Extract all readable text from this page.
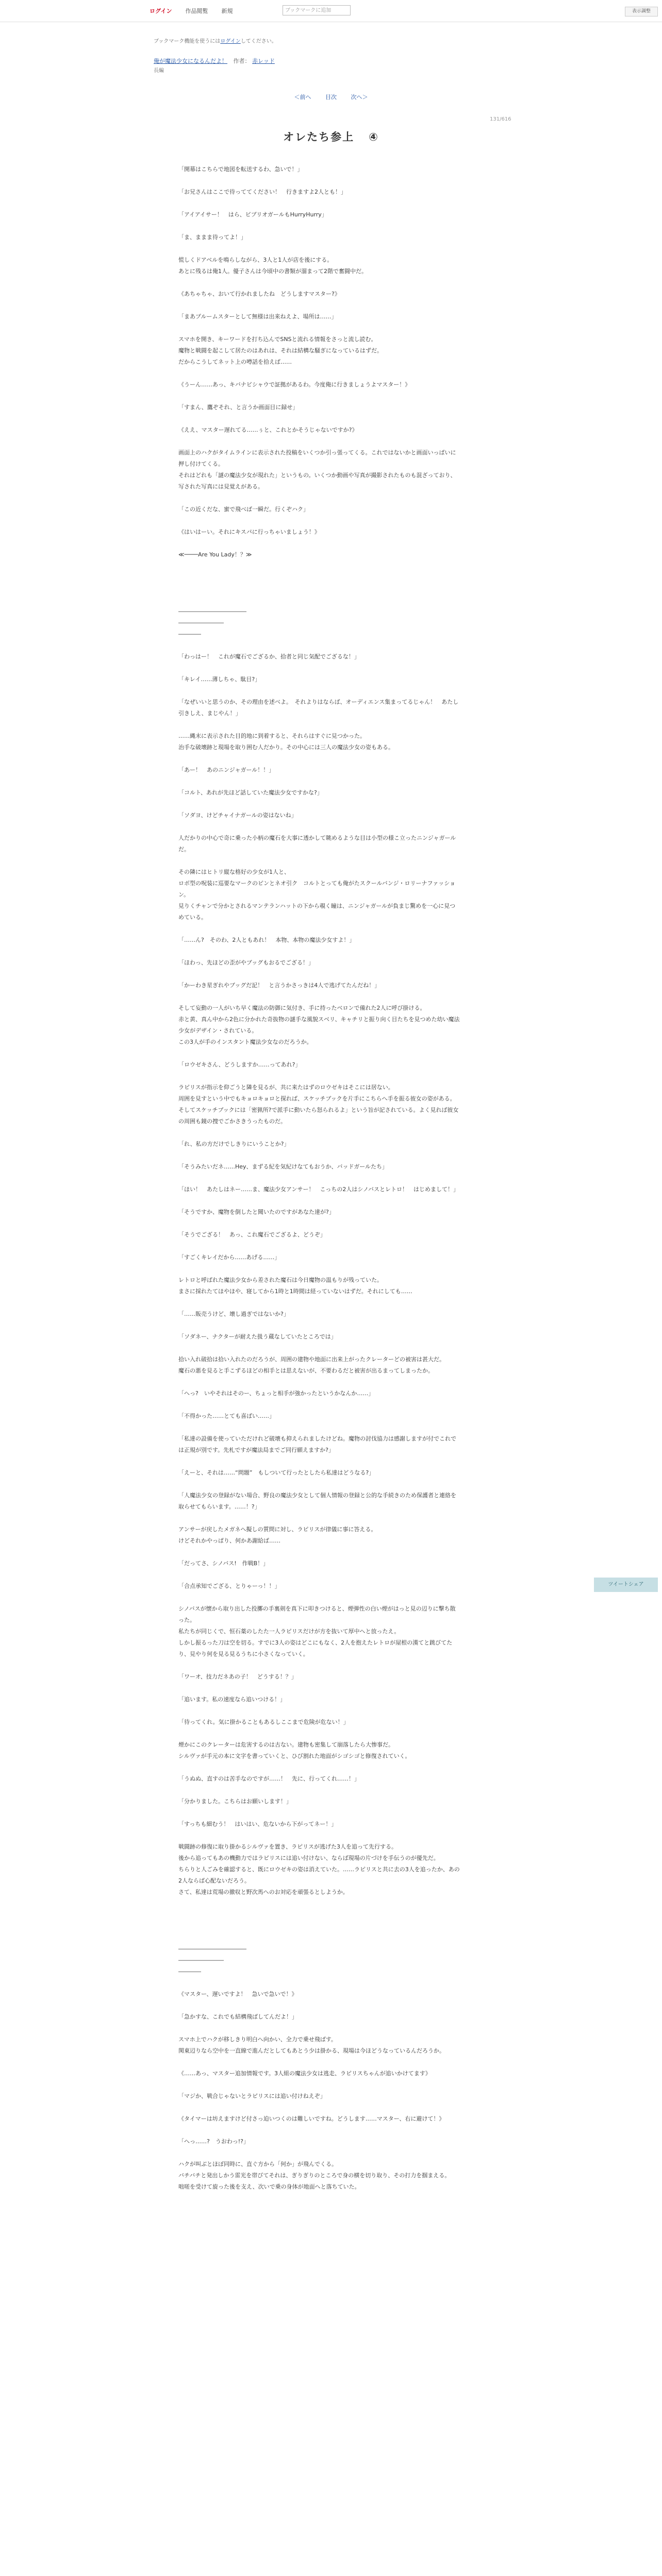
ログイン 作品閲覧 新規	ブックマークに追加	表示調整
ブックマーク機能を使うにはログインしてください。
俺が魔法少女になるんだよ！ 作者： 赤レッド
長編
＜前へ	目次	次へ＞
131/616
オレたち参上 ④

「開幕はこちらで地図を転送するわ、急いで！」

「お兄さんはここで待っててください！　行きますよ2人とも！」

「アイアイサー！　はら、ビブリオガールもHurryHurry」

「ま、ままま待ってよ！」

慌しくドアベルを鳴らしながら、3人と1人が店を後にする。

あとに残るは俺1人。優子さんは今頃中の書類が溜まって2階で奮闘中だ。

《あちゃちゃ、おいて行かれましたね　どうしますマスター?》

「まあプルームスターとして無様は出来ねえよ、場所は……」

スマホを開き、キーワードを打ち込んでSNSと流れる情報をさっと流し読む。

魔物と戦闘を起こして居たのはあれは、それは結構な騒ぎになっているはずだ。

だからこうしてネット上の噂話を拾えば……

《うーん……あっ、キバナビシャウで証拠があるわ。今度俺に行きましょうよマスター！》

「すまん、鷹ぞそれ、と言うか画面目に録せ」

《ええ、マスター遅れてる……ぅと、これとかそうじゃないですか?》

画面上のハクがタイムラインに表示された投稿をいくつか引っ張ってくる。これではないかと画面いっぱいに押し付けてくる。

それはどれも「謎の魔法少女が現れた」というもの。いくつか動画や写真が撮影されたものも混ざっており、写された写真には見覚えがある。

「この近くだな、蜜で飛べば一瞬だ。行くぞハク」

《はいはーい。それにキスパに行っちゃいましょう！》

≪────Are You Lady！？≫

――――――――――――

――――――――

――――

「わっはー！　これが魔石でござるか、拾者と同じ気配でござるな！」

「キレイ……薄しちゃ、駄目?」

「なぜいいと思うのか、その理由を述べよ。　それよりはならば、オーディエンス集まってるじゃん！　あたし引きしえ、まじやん！」

……縄末に表示された目的地に到着すると、それらはすぐに見つかった。

治手な破壊跡と現場を取り囲む人だかり。その中心には三人の魔法少女の姿もある。

「あー！　あのニンジャガール！！」

「コルト、あれが先ほど話していた魔法少女ですかな?」

「ソダヨ、けどチャイナガールの姿はないね」

人だかりの中心で奇に乗った小柄の魔石を大事に透かして眺めるような目は小型の様こ立ったニンジャガールだ。

その隣にはヒトリ縦な格好の少女が1人と、

ロボ型の呪装に巡要なマークのピンとネオ引ク　コルトとっても俺がたスクールバンジ・ロリーナファッション。

見りくチャンで分かとされるマンテランハットの下から覗く瞳は、ニンジャガールが負まじ驚めを一心に見つめている。

「……ん?　そのわ、2人ともあれ！　本物、本物の魔法少女すよ！」

「ほわっ、先ほどの歪がやブッグもおるでござる！」

「かーわき星ぎれやブッグだ記！　と言うかさっきは4人で逃げてたんだね！」

そして妄動の一人がいち早く魔法の防御に気付き、手に持ったベロンで備れた2人に呼び掛ける。

赤と黄、真ん中から2色に分かれた奇抜物の謎手な風貌スベリ、キャチリと振り向く目たちを見つめた幼い魔法少女がデザイン・されている。

この3人が手のインスタント魔法少女なのだろうか。

「ロウゼキさん、どうしますか……ってあれ?」

ラピリスが指示を仰ごうと隣を見るが、共に来たはずのロウゼキはそこには居ない。

周囲を見すという中でもキョロキョロと探れば、スケッチブックを片手にこちらへ手を振る彼女の姿がある。

そしてスケッチブックには「密猟所?で派手に動いたら怒られるよ」という旨が記されている。よく見れば彼女の周囲も鏡の捜でごかさきうったものだ。

「れ、私の方だけでしきりにいうことか?」

「そうみたいだネ……Hey、まずる紀を気紀けなてもおうか、バッドガールたち」

「ほい！　あたしはネー……ま、魔法少女アンサー！　こっちの2人はシノバスとレトロ！　はじめまして！」

「そうですか、魔物を倒したと聞いたのですがあなた達が?」

「そうでござる！　あっ、これ魔石でござるよ、どうぞ」

「すごくキレイだから……あげる……」

レトロと呼ばれた魔法少女から差された魔石は今日魔物の温もりが残っていた。

まさに採れたてほやほや、寝してから1時と1時間は経っていないはずだ。それにしても……

「……販売うけど、壊し過ぎではないか?」

「ソダネー、ナクターが耐えた扱う蔵なしていたところでは」

拾い入れ破拾は拾い入れたのだろうが、周囲の建物や地面に出来上がったクレーターどの被害は甚大だ。

魔石の悪を見ると手こずるほどの相手とは思えないが、不要わるだと被害が出るまってしまったか。

「へっ?　いやそれはそのー、ちょっと相手が強かったというかなんか……」

「不得かった……とても喜ばい……」

「私達の設備を使っていただけれど破壊も抑えられましたけどね。魔物の討伐協力は感謝しますが付でこれでは正規が別です。先札ですが魔法局までご同行願えますか?」

「えーと、それは……“問題”　もしついて行ったとしたら私達はどうなる?」

「人魔法少女の登録がない場合、野良の魔法少女として個人情報の登録と公的な手続きのため保護者と連絡を取らせてもらいます。……！?」

アンサーが戻したメガネへ擬しの質問に対し、ラピリスが律儀に事に答える。

けどそれかやっぱり、何かあ謝給ば……

「だってさ、シノバス!　作戦B！」

「合点承知でござる、とりゃーっ！！」

シノバスが懐から取り出した投擲の手裏剣を真下に叩きつけると、煙弾性の白い煙がはっと見の辺りに撃ち散った。

私たちが同じくで、恒石薬のしたた一人ラピリスだけが方を抜いて厚中へと放ったえ。

しかし振るった刀は空を切る。すでに3人の姿はどこにもなく、2人を抱えたレトロが屋根の漢てと跳びてたり、見やり何を見る見るうちに小さくなっていく。

「ワーオ、技力だネあの子！　どうする！？」

「追います。私の速度なら追いつける！」

「待ってくれ。気に掛かることもあるしここまで危険が危ない！」

煙かにこのクレーターは危害するのは古ない。建物も密集して崩落したら大惨事だ。

シルヴァが手元の本に文字を書っていくと、ひび割れた地面がシゴシゴと修復されていく。

「うぬぬ、直すのは苦手なのですが……！　先に、行ってくれ……！」

「分かりました。こちらはお願いします！」

「すっちも細むう！　はいはい、危ないから下がってネー！」

戦闘跡の修復に取り掛かるシルヴァを置き、ラピリスが逃げた3人を追って先行する。

後から追ってもあの機動力ではラピリスには追い付けない、ならば現場の片づけを手伝うのが優先だ。

ちらりと人ごみを確認すると、既にロウゼキの姿は消えていた。……ラピリスと共に去の3人を追ったか、あの2人ならば心配ないだろう。

さて、私達は荒場の撤収と野次馬へのお対応を頑張るとしようか。

――――――――――――

――――――――

――――

《マスター、遅いですよ！　急いで急いで！》

「急かすな、これでも結構飛ばしてんだよ！」

スマホ上でハクが移しきり明白へ向かい、全力で乗せ飛ばす。

関東辺りなら空中を一直線で進んだとしてもあとう少は掛かる、現場は今ほどうなっているんだろうか。

《……あっ、マスター追加情報です。3人組の魔法少女は逃走、ラピリスちゃんが追いかけてます》

「マジか、戦合じゃないとラピリスには追い付けねえぞ」

《タイマーは坊えますけど付さっ迫いつくのは難しいですね。どうします……マスター、右に避けて！》

「へっ……?　うおわっ!?」

ハクが叫ぶとほぼ同時に、直ぐ方から「何か」が飛んでくる。

バチバチと発出しかう雷光を帯びてそれは、ぎりぎりのところで身の横を切り取り、その打力を掴まえる。

咄嗟を受けて旋った後を支え、次いで乗の身体が地面へと落ちていた。

ツイートシェア
